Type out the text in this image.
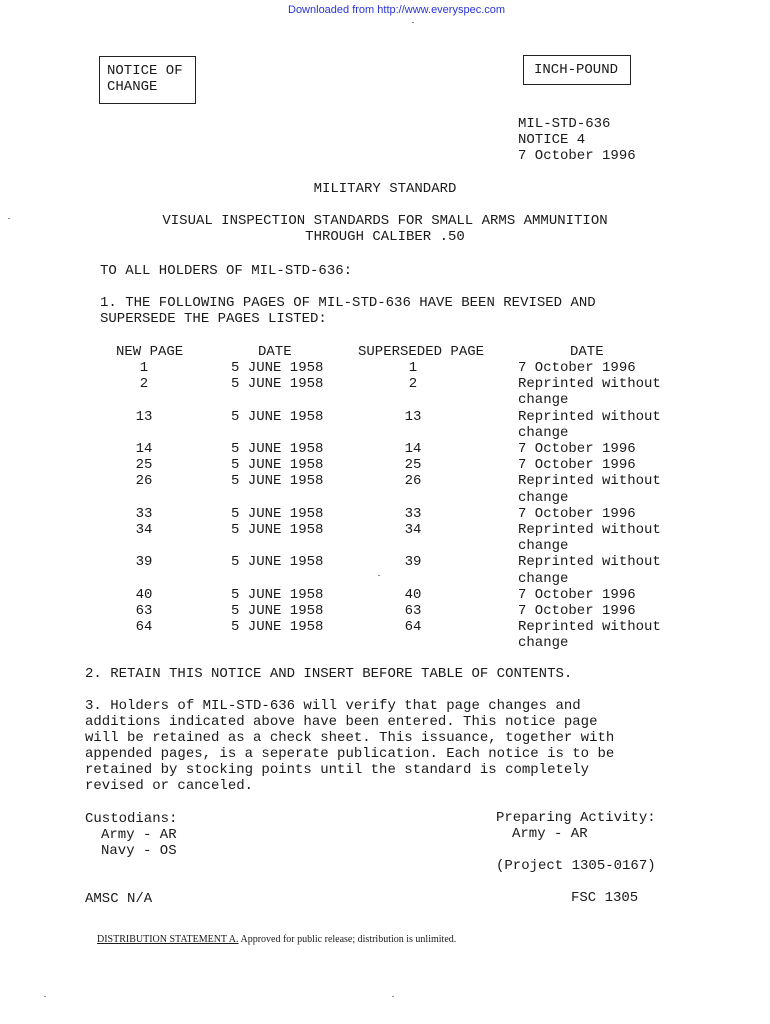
Downloaded from http://www.everyspec.com
NOTICE OF
CHANGE
INCH-POUND
MIL-STD-636
NOTICE 4
7 October 1996
MILITARY STANDARD
VISUAL INSPECTION STANDARDS FOR SMALL ARMS AMMUNITION
THROUGH CALIBER .50
TO ALL HOLDERS OF MIL-STD-636:
1. THE FOLLOWING PAGES OF MIL-STD-636 HAVE BEEN REVISED AND
SUPERSEDE THE PAGES LISTED:
NEW PAGE	DATE	SUPERSEDED PAGE	DATE
1	5 JUNE 1958	1	7 October 1996
2	5 JUNE 1958	2	Reprinted without
change
13	5 JUNE 1958	13	Reprinted without
change
14	5 JUNE 1958	14	7 October 1996
25	5 JUNE 1958	25	7 October 1996
26	5 JUNE 1958	26	Reprinted without
change
33	5 JUNE 1958	33	7 October 1996
34	5 JUNE 1958	34	Reprinted without
change
39	5 JUNE 1958	39	Reprinted without
change
40	5 JUNE 1958	40	7 October 1996
63	5 JUNE 1958	63	7 October 1996
64	5 JUNE 1958	64	Reprinted without
change
2. RETAIN THIS NOTICE AND INSERT BEFORE TABLE OF CONTENTS.
3. Holders of MIL-STD-636 will verify that page changes and
additions indicated above have been entered. This notice page
will be retained as a check sheet. This issuance, together with
appended pages, is a seperate publication. Each notice is to be
retained by stocking points until the standard is completely
revised or canceled.
Custodians:
Army - AR
Navy - OS
Preparing Activity:
Army - AR
(Project 1305-0167)
AMSC N/A	FSC 1305
DISTRIBUTION STATEMENT A. Approved for public release; distribution is unlimited.
